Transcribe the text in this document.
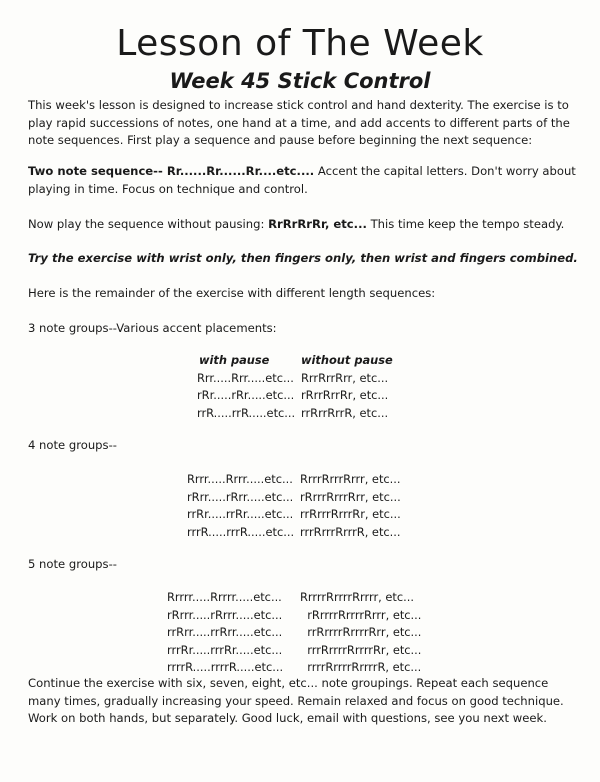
Lesson of The Week
Week 45 Stick Control

This week's lesson is designed to increase stick control and hand dexterity. The exercise is to play rapid successions of notes, one hand at a time, and add accents to different parts of the note sequences. First play a sequence and pause before beginning the next sequence:

Two note sequence-- Rr......Rr......Rr....etc.... Accent the capital letters. Don't worry about playing in time. Focus on technique and control.

Now play the sequence without pausing: RrRrRrRr, etc... This time keep the tempo steady.

Try the exercise with wrist only, then fingers only, then wrist and fingers combined.

Here is the remainder of the exercise with different length sequences:

3 note groups--Various accent placements:

with pause	without pause
Rrr.....Rrr.....etc... RrrRrrRrr, etc...
rRr.....rRr.....etc... rRrrRrrRr, etc...
rrR.....rrR.....etc... rrRrrRrrR, etc...

4 note groups--

Rrrr.....Rrrr.....etc... RrrrRrrrRrrr, etc...
rRrr.....rRrr.....etc... rRrrrRrrrRrr, etc...
rrRr.....rrRr.....etc... rrRrrrRrrrRr, etc...
rrrR.....rrrR.....etc... rrrRrrrRrrrR, etc...

5 note groups--

Rrrrr.....Rrrrr.....etc... RrrrrRrrrrRrrrr, etc...
rRrrr.....rRrrr.....etc...  rRrrrrRrrrrRrrr, etc...
rrRrr.....rrRrr.....etc...  rrRrrrrRrrrrRrr, etc...
rrrRr.....rrrRr.....etc...  rrrRrrrrRrrrrRr, etc...
rrrrR.....rrrrR.....etc...  rrrrRrrrrRrrrrR, etc...

Continue the exercise with six, seven, eight, etc... note groupings. Repeat each sequence many times, gradually increasing your speed. Remain relaxed and focus on good technique. Work on both hands, but separately. Good luck, email with questions, see you next week.
